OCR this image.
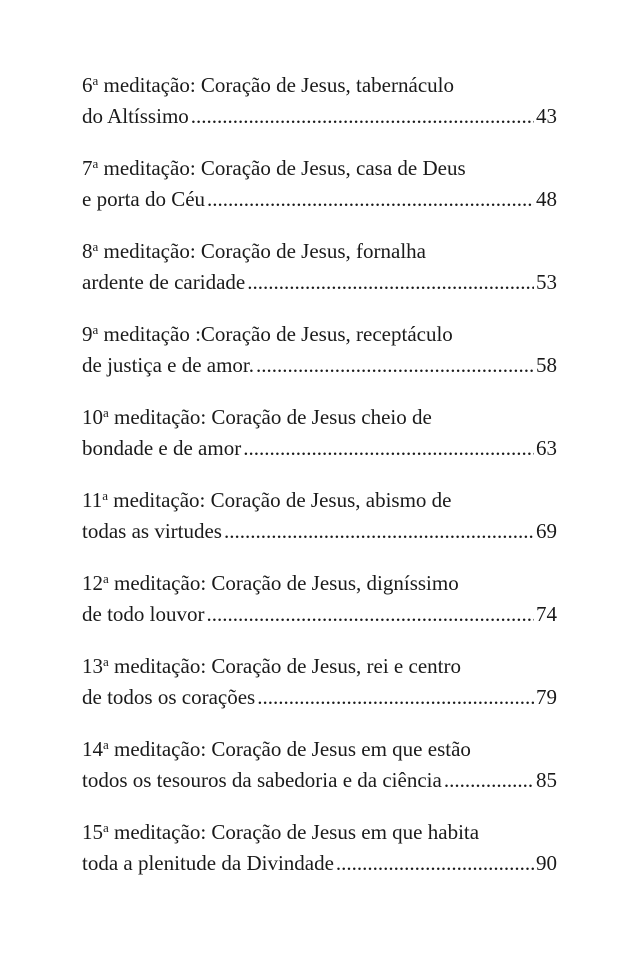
6$^a$ meditação: Coração de Jesus, tabernáculo
do Altíssimo .....	43
7$^a$ meditação: Coração de Jesus, casa de Deus
e porta do Céu .....	48
8$^a$ meditação: Coração de Jesus, fornalha
ardente de caridade .....	53
9$^a$ meditação :Coração de Jesus, receptáculo
de justiça e de amor. .....	58
10$^a$ meditação: Coração de Jesus cheio de
bondade e de amor .....	63
11$^a$ meditação: Coração de Jesus, abismo de
todas as virtudes .....	69
12$^a$ meditação: Coração de Jesus, digníssimo
de todo louvor .....	74
13$^a$ meditação: Coração de Jesus, rei e centro
de todos os corações .....	79
14$^a$ meditação: Coração de Jesus em que estão
todos os tesouros da sabedoria e da ciência .....	85
15$^a$ meditação: Coração de Jesus em que habita
toda a plenitude da Divindade .....	90
